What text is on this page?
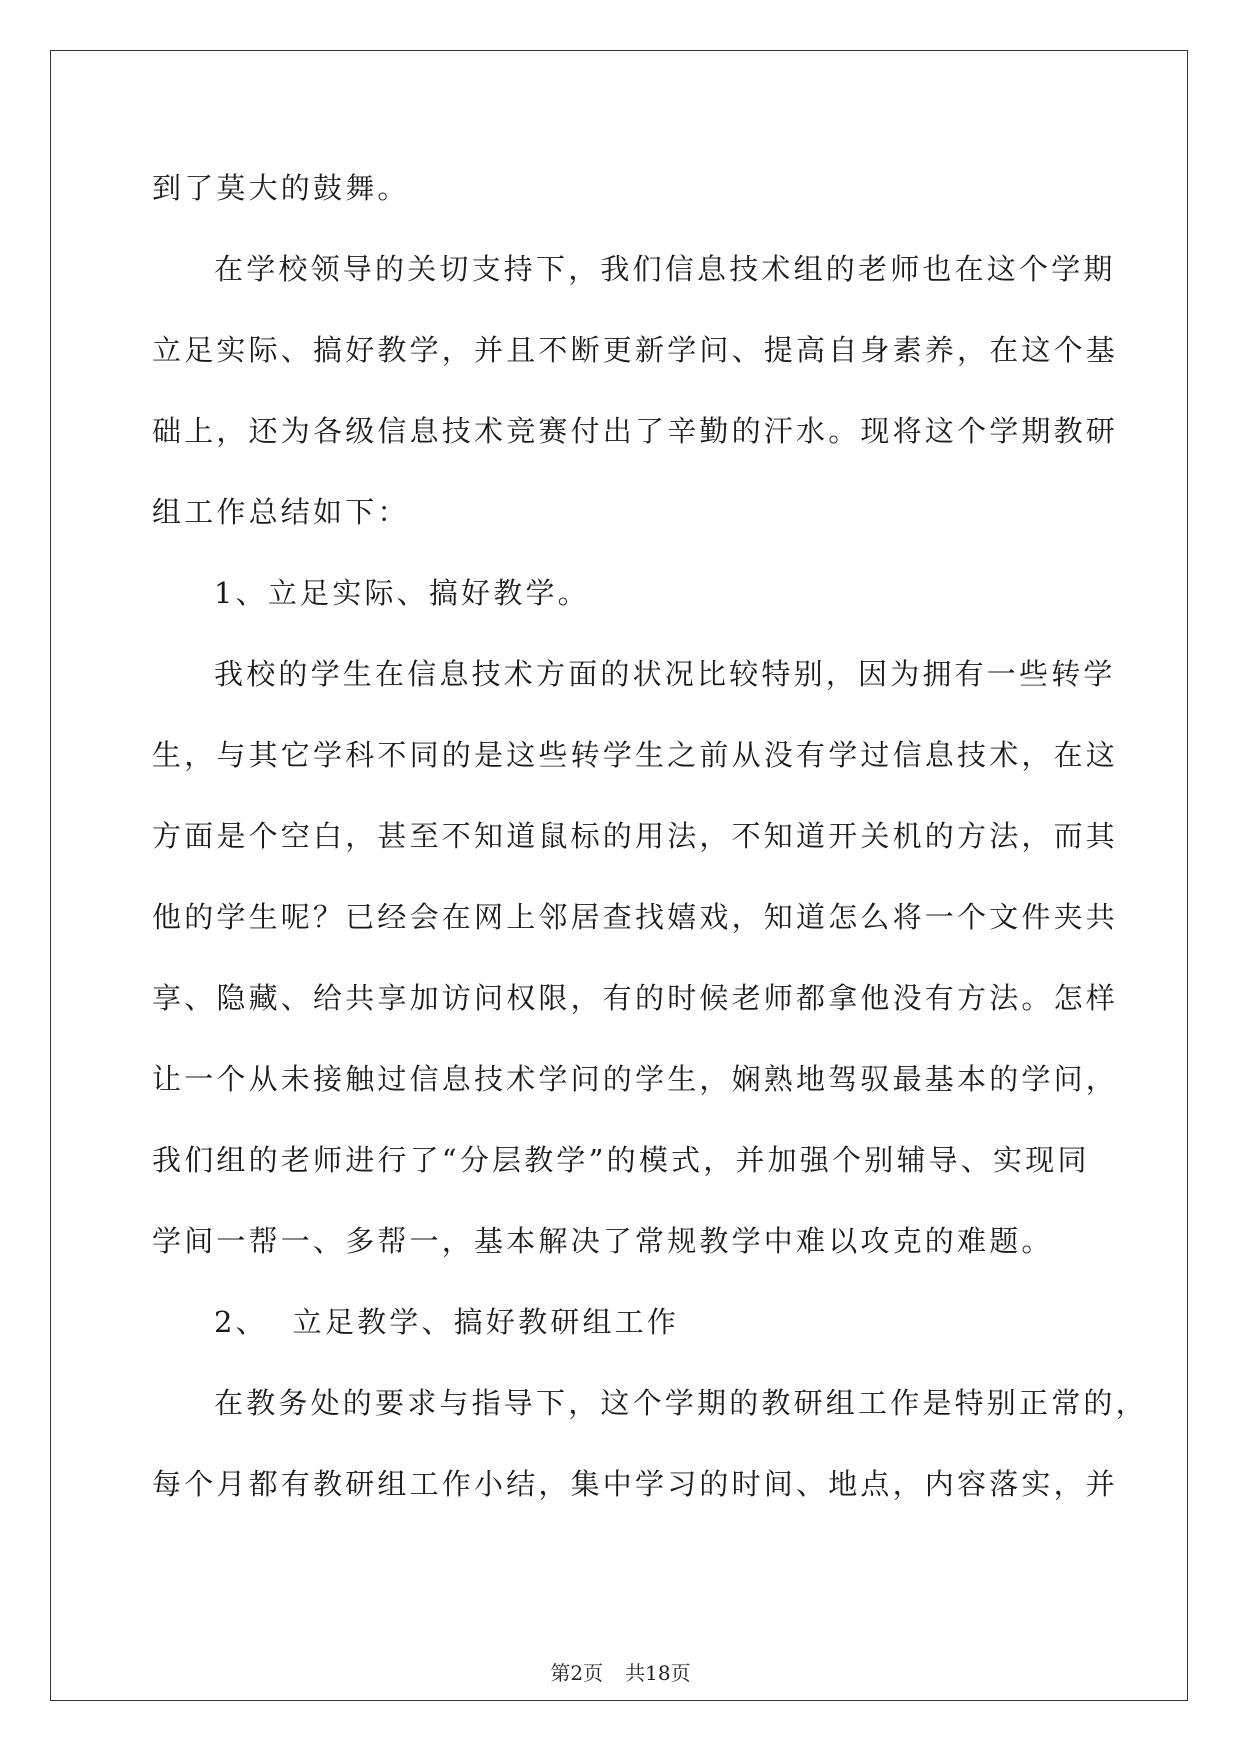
到了莫大的鼓舞。
在学校领导的关切支持下，我们信息技术组的老师也在这个学期
立足实际、搞好教学，并且不断更新学问、提高自身素养，在这个基
础上，还为各级信息技术竞赛付出了辛勤的汗水。现将这个学期教研
组工作总结如下：
1、立足实际、搞好教学。
我校的学生在信息技术方面的状况比较特别，因为拥有一些转学
生，与其它学科不同的是这些转学生之前从没有学过信息技术，在这
方面是个空白，甚至不知道鼠标的用法，不知道开关机的方法，而其
他的学生呢？已经会在网上邻居查找嬉戏，知道怎么将一个文件夹共
享、隐藏、给共享加访问权限，有的时候老师都拿他没有方法。怎样
让一个从未接触过信息技术学问的学生，娴熟地驾驭最基本的学问，
我们组的老师进行了“分层教学”的模式，并加强个别辅导、实现同
学间一帮一、多帮一，基本解决了常规教学中难以攻克的难题。
2、  立足教学、搞好教研组工作
在教务处的要求与指导下，这个学期的教研组工作是特别正常的，
每个月都有教研组工作小结，集中学习的时间、地点，内容落实，并
第2页 共18页
